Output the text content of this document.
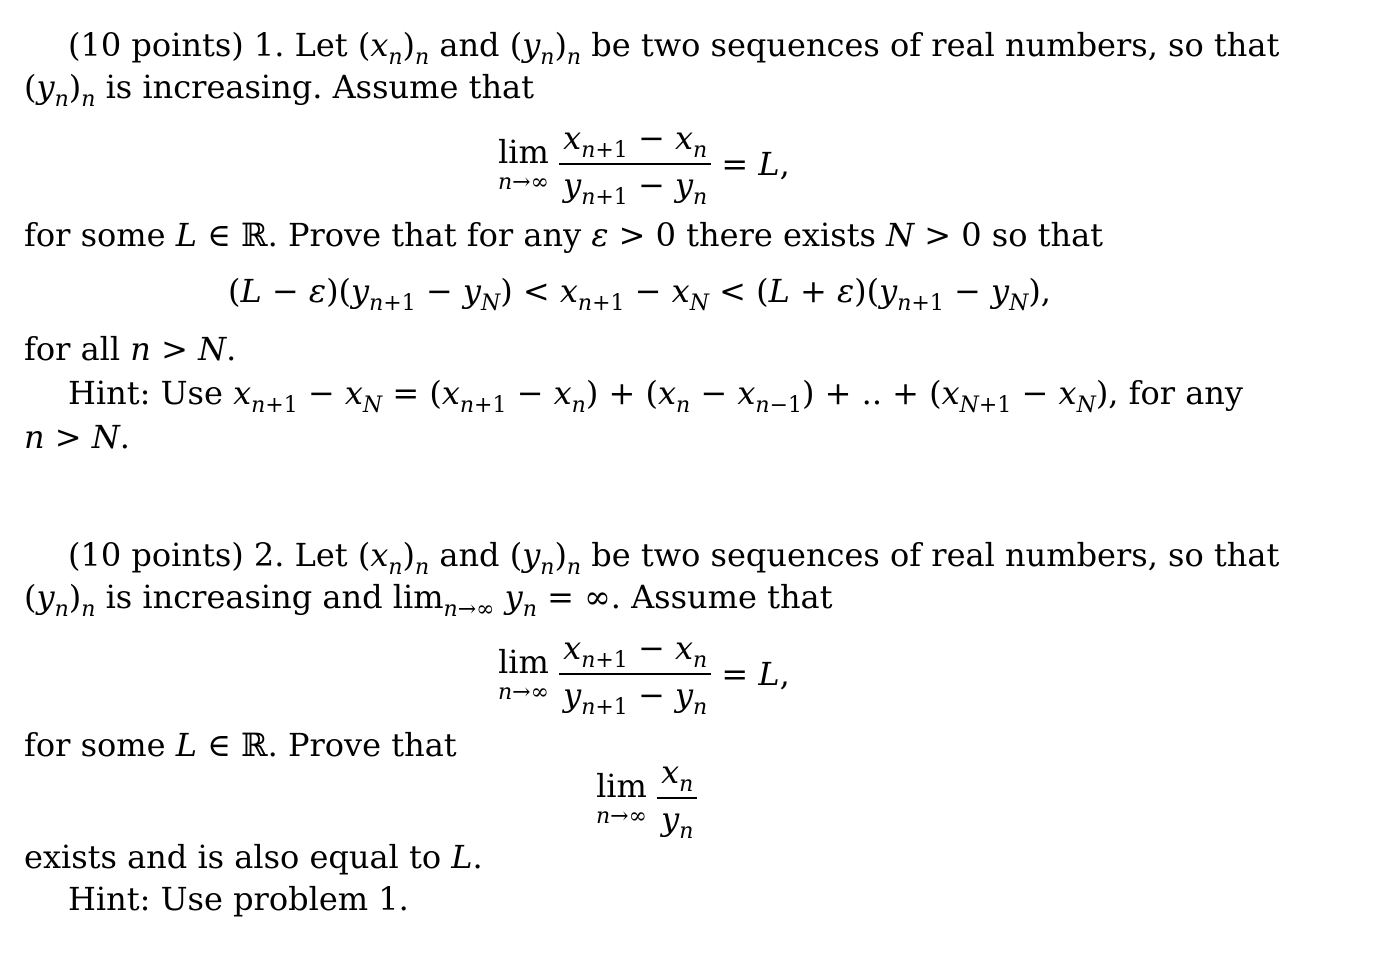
(10 points) 1. Let $(x_n)_n$ and $(y_n)_n$ be two sequences of real numbers, so that
$(y_n)_n$ is increasing. Assume that
lim
n→∞
$\frac{x_{n+1} - x_n}{y_{n+1} - y_n} = L$,
for some L ∈ ℝ. Prove that for any ε > 0 there exists N > 0 so that
$(L - \varepsilon)(y_{n+1} - y_N) < x_{n+1} - x_N < (L + \varepsilon)(y_{n+1} - y_N)$,
for all n > N.
Hint: Use $x_{n+1} - x_N = (x_{n+1} - x_n) + (x_n - x_{n-1})$ + .. + $(x_{N+1} - x_N)$, for any
n > N.
(10 points) 2. Let $(x_n)_n$ and $(y_n)_n$ be two sequences of real numbers, so that
$(y_n)_n$ is increasing and $\lim_{n\to\infty} y_n$ = ∞. Assume that
lim
n→∞
$\frac{x_{n+1} - x_n}{y_{n+1} - y_n} = L$,
for some L ∈ ℝ. Prove that
lim
n→∞
$\frac{x_n}{y_n}$
exists and is also equal to L.
Hint: Use problem 1.
